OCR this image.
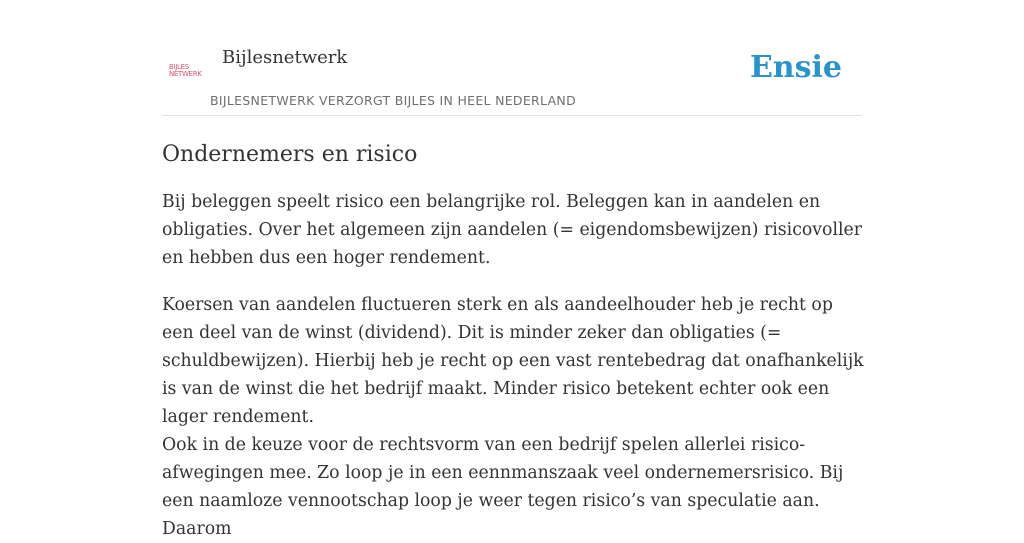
BIJLES
NETWERK
Bijlesnetwerk
BIJLESNETWERK VERZORGT BIJLES IN HEEL NEDERLAND
Ensie
Ondernemers en risico

Bij beleggen speelt risico een belangrijke rol. Beleggen kan in aandelen en obligaties. Over het algemeen zijn aandelen (= eigendomsbewijzen) risicovoller en hebben dus een hoger rendement.

Koersen van aandelen fluctueren sterk en als aandeelhouder heb je recht op een deel van de winst (dividend). Dit is minder zeker dan obligaties (= schuldbewijzen). Hierbij heb je recht op een vast rentebedrag dat onafhankelijk is van de winst die het bedrijf maakt. Minder risico betekent echter ook een lager rendement.

Ook in de keuze voor de rechtsvorm van een bedrijf spelen allerlei risico-afwegingen mee. Zo loop je in een eennmanszaak veel ondernemersrisico. Bij een naamloze vennootschap loop je weer tegen risico’s van speculatie aan. Daarom
